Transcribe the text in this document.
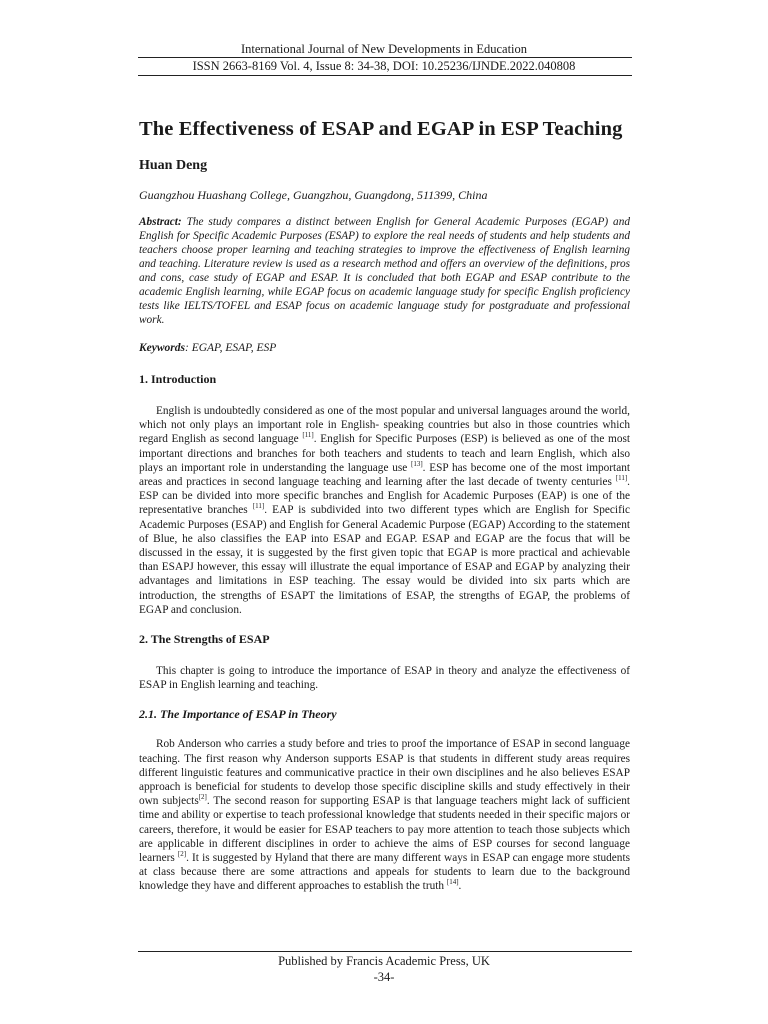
International Journal of New Developments in Education
ISSN 2663-8169 Vol. 4, Issue 8: 34-38, DOI: 10.25236/IJNDE.2022.040808
The Effectiveness of ESAP and EGAP in ESP Teaching
Huan Deng
Guangzhou Huashang College, Guangzhou, Guangdong, 511399, China

Abstract: The study compares a distinct between English for General Academic Purposes (EGAP) and English for Specific Academic Purposes (ESAP) to explore the real needs of students and help students and teachers choose proper learning and teaching strategies to improve the effectiveness of English learning and teaching. Literature review is used as a research method and offers an overview of the definitions, pros and cons, case study of EGAP and ESAP. It is concluded that both EGAP and ESAP contribute to the academic English learning, while EGAP focus on academic language study for specific English proficiency tests like IELTS/TOFEL and ESAP focus on academic language study for postgraduate and professional work.

Keywords: EGAP, ESAP, ESP

1. Introduction

English is undoubtedly considered as one of the most popular and universal languages around the world, which not only plays an important role in English- speaking countries but also in those countries which regard English as second language [11]. English for Specific Purposes (ESP) is believed as one of the most important directions and branches for both teachers and students to teach and learn English, which also plays an important role in understanding the language use [13]. ESP has become one of the most important areas and practices in second language teaching and learning after the last decade of twenty centuries [11]. ESP can be divided into more specific branches and English for Academic Purposes (EAP) is one of the representative branches [11]. EAP is subdivided into two different types which are English for Specific Academic Purposes (ESAP) and English for General Academic Purpose (EGAP) According to the statement of Blue, he also classifies the EAP into ESAP and EGAP. ESAP and EGAP are the focus that will be discussed in the essay, it is suggested by the first given topic that EGAP is more practical and achievable than ESAPJ however, this essay will illustrate the equal importance of ESAP and EGAP by analyzing their advantages and limitations in ESP teaching. The essay would be divided into six parts which are introduction, the strengths of ESAPT the limitations of ESAP, the strengths of EGAP, the problems of EGAP and conclusion.

2. The Strengths of ESAP

This chapter is going to introduce the importance of ESAP in theory and analyze the effectiveness of ESAP in English learning and teaching.

2.1. The Importance of ESAP in Theory

Rob Anderson who carries a study before and tries to proof the importance of ESAP in second language teaching. The first reason why Anderson supports ESAP is that students in different study areas requires different linguistic features and communicative practice in their own disciplines and he also believes ESAP approach is beneficial for students to develop those specific discipline skills and study effectively in their own subjects[2]. The second reason for supporting ESAP is that language teachers might lack of sufficient time and ability or expertise to teach professional knowledge that students needed in their specific majors or careers, therefore, it would be easier for ESAP teachers to pay more attention to teach those subjects which are applicable in different disciplines in order to achieve the aims of ESP courses for second language learners [2]. It is suggested by Hyland that there are many different ways in ESAP can engage more students at class because there are some attractions and appeals for students to learn due to the background knowledge they have and different approaches to establish the truth [14].

Published by Francis Academic Press, UK
-34-
